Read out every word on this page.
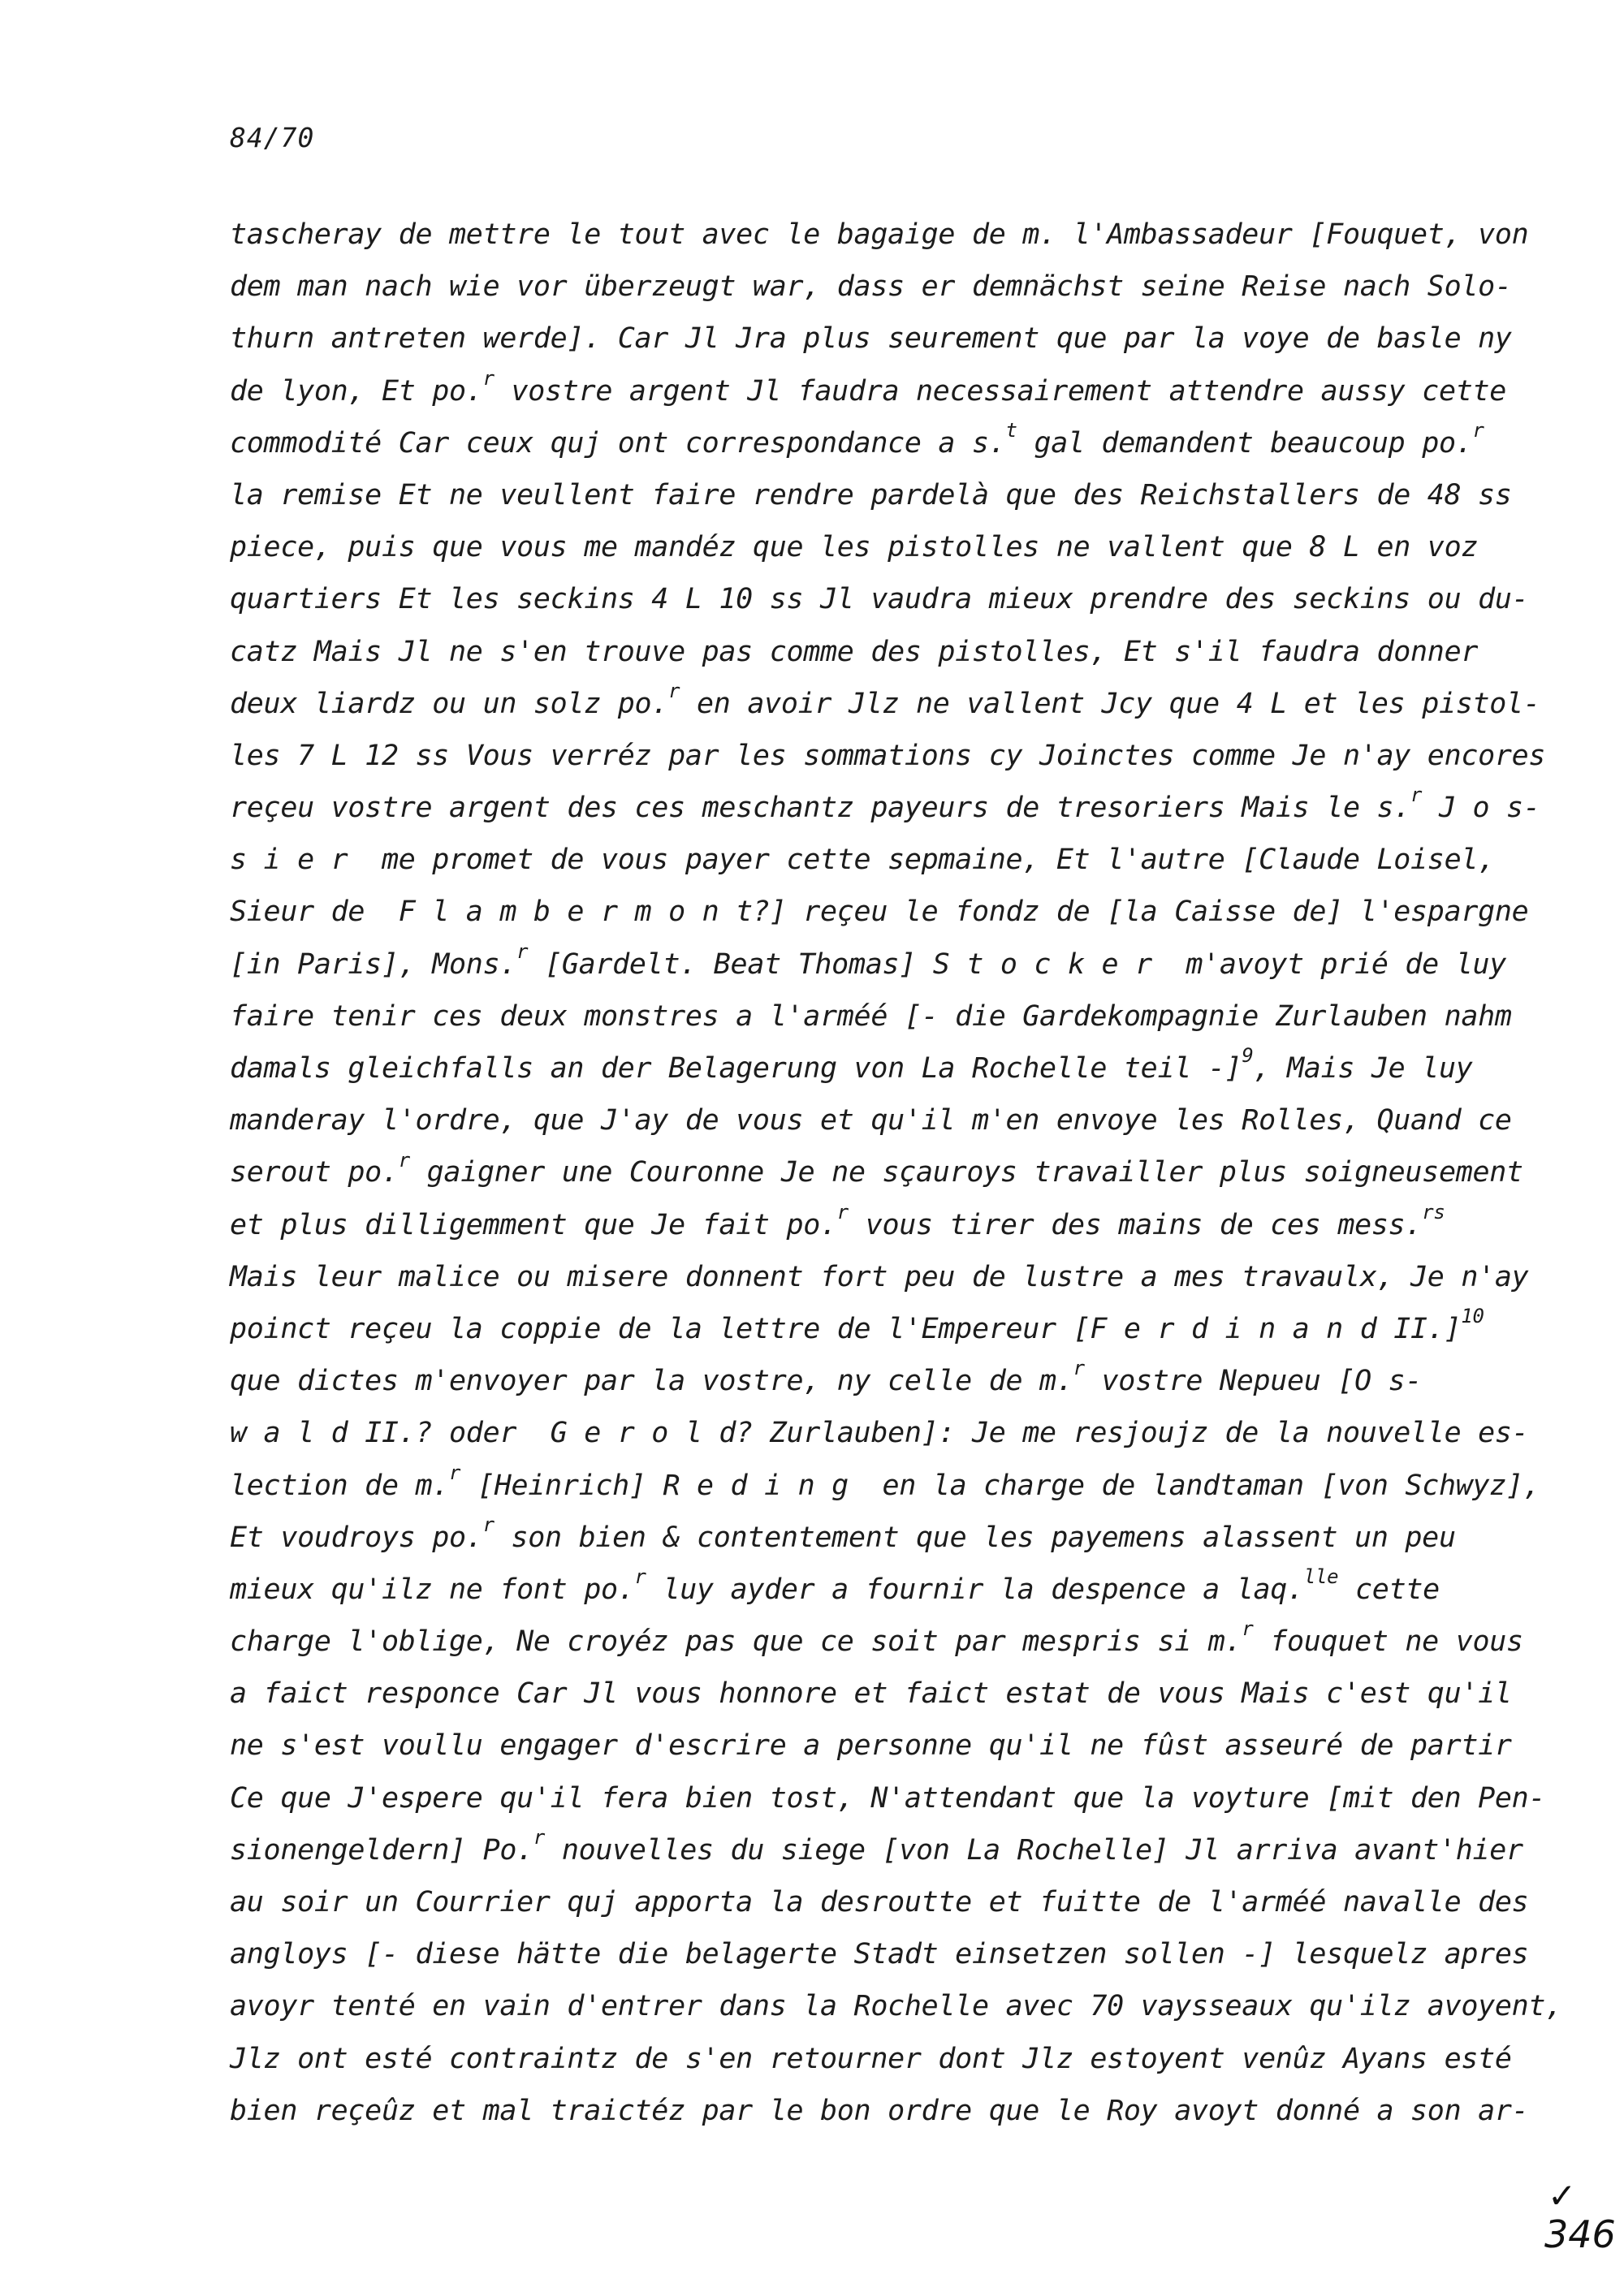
84/70
tascheray de mettre le tout avec le bagaige de m. l'Ambassadeur [Fouquet, von
dem man nach wie vor überzeugt war, dass er demnächst seine Reise nach Solo-
thurn antreten werde]. Car Jl Jra plus seurement que par la voye de basle ny
de lyon, Et po.$^r$ vostre argent Jl faudra necessairement attendre aussy cette
commodité Car ceux quj ont correspondance a s.$^t$ gal demandent beaucoup po.$^r$
la remise Et ne veullent faire rendre pardelà que des Reichstallers de 48 ss
piece, puis que vous me mandéz que les pistolles ne vallent que 8 L en voz
quartiers Et les seckins 4 L 10 ss Jl vaudra mieux prendre des seckins ou du-
catz Mais Jl ne s'en trouve pas comme des pistolles, Et s'il faudra donner
deux liardz ou un solz po.$^r$ en avoir Jlz ne vallent Jcy que 4 L et les pistol-
les 7 L 12 ss Vous verréz par les sommations cy Joinctes comme Je n'ay encores
reçeu vostre argent des ces meschantz payeurs de tresoriers Mais le s.$^r$ J o s-
s i e r  me promet de vous payer cette sepmaine, Et l'autre [Claude Loisel,
Sieur de  F l a m b e r m o n t?] reçeu le fondz de [la Caisse de] l'espargne
[in Paris], Mons.$^r$ [Gardelt. Beat Thomas] S t o c k e r  m'avoyt prié de luy
faire tenir ces deux monstres a l'arméé [- die Gardekompagnie Zurlauben nahm
damals gleichfalls an der Belagerung von La Rochelle teil -]$^9$, Mais Je luy
manderay l'ordre, que J'ay de vous et qu'il m'en envoye les Rolles, Quand ce
serout po.$^r$ gaigner une Couronne Je ne sçauroys travailler plus soigneusement
et plus dilligemment que Je fait po.$^r$ vous tirer des mains de ces mess.$^{rs}$
Mais leur malice ou misere donnent fort peu de lustre a mes travaulx, Je n'ay
poinct reçeu la coppie de la lettre de l'Empereur [F e r d i n a n d II.]$^{10}$
que dictes m'envoyer par la vostre, ny celle de m.$^r$ vostre Nepueu [O s-
w a l d II.? oder  G e r o l d? Zurlauben]: Je me resjoujz de la nouvelle es-
lection de m.$^r$ [Heinrich] R e d i n g  en la charge de landtaman [von Schwyz],
Et voudroys po.$^r$ son bien & contentement que les payemens alassent un peu
mieux qu'ilz ne font po.$^r$ luy ayder a fournir la despence a laq.$^{lle}$ cette
charge l'oblige, Ne croyéz pas que ce soit par mespris si m.$^r$ fouquet ne vous
a faict responce Car Jl vous honnore et faict estat de vous Mais c'est qu'il
ne s'est voullu engager d'escrire a personne qu'il ne fûst asseuré de partir
Ce que J'espere qu'il fera bien tost, N'attendant que la voyture [mit den Pen-
sionengeldern] Po.$^r$ nouvelles du siege [von La Rochelle] Jl arriva avant'hier
au soir un Courrier quj apporta la desroutte et fuitte de l'arméé navalle des
angloys [- diese hätte die belagerte Stadt einsetzen sollen -] lesquelz apres
avoyr tenté en vain d'entrer dans la Rochelle avec 70 vaysseaux qu'ilz avoyent,
Jlz ont esté contraintz de s'en retourner dont Jlz estoyent venûz Ayans esté
bien reçeûz et mal traictéz par le bon ordre que le Roy avoyt donné a son ar-
✓
346
